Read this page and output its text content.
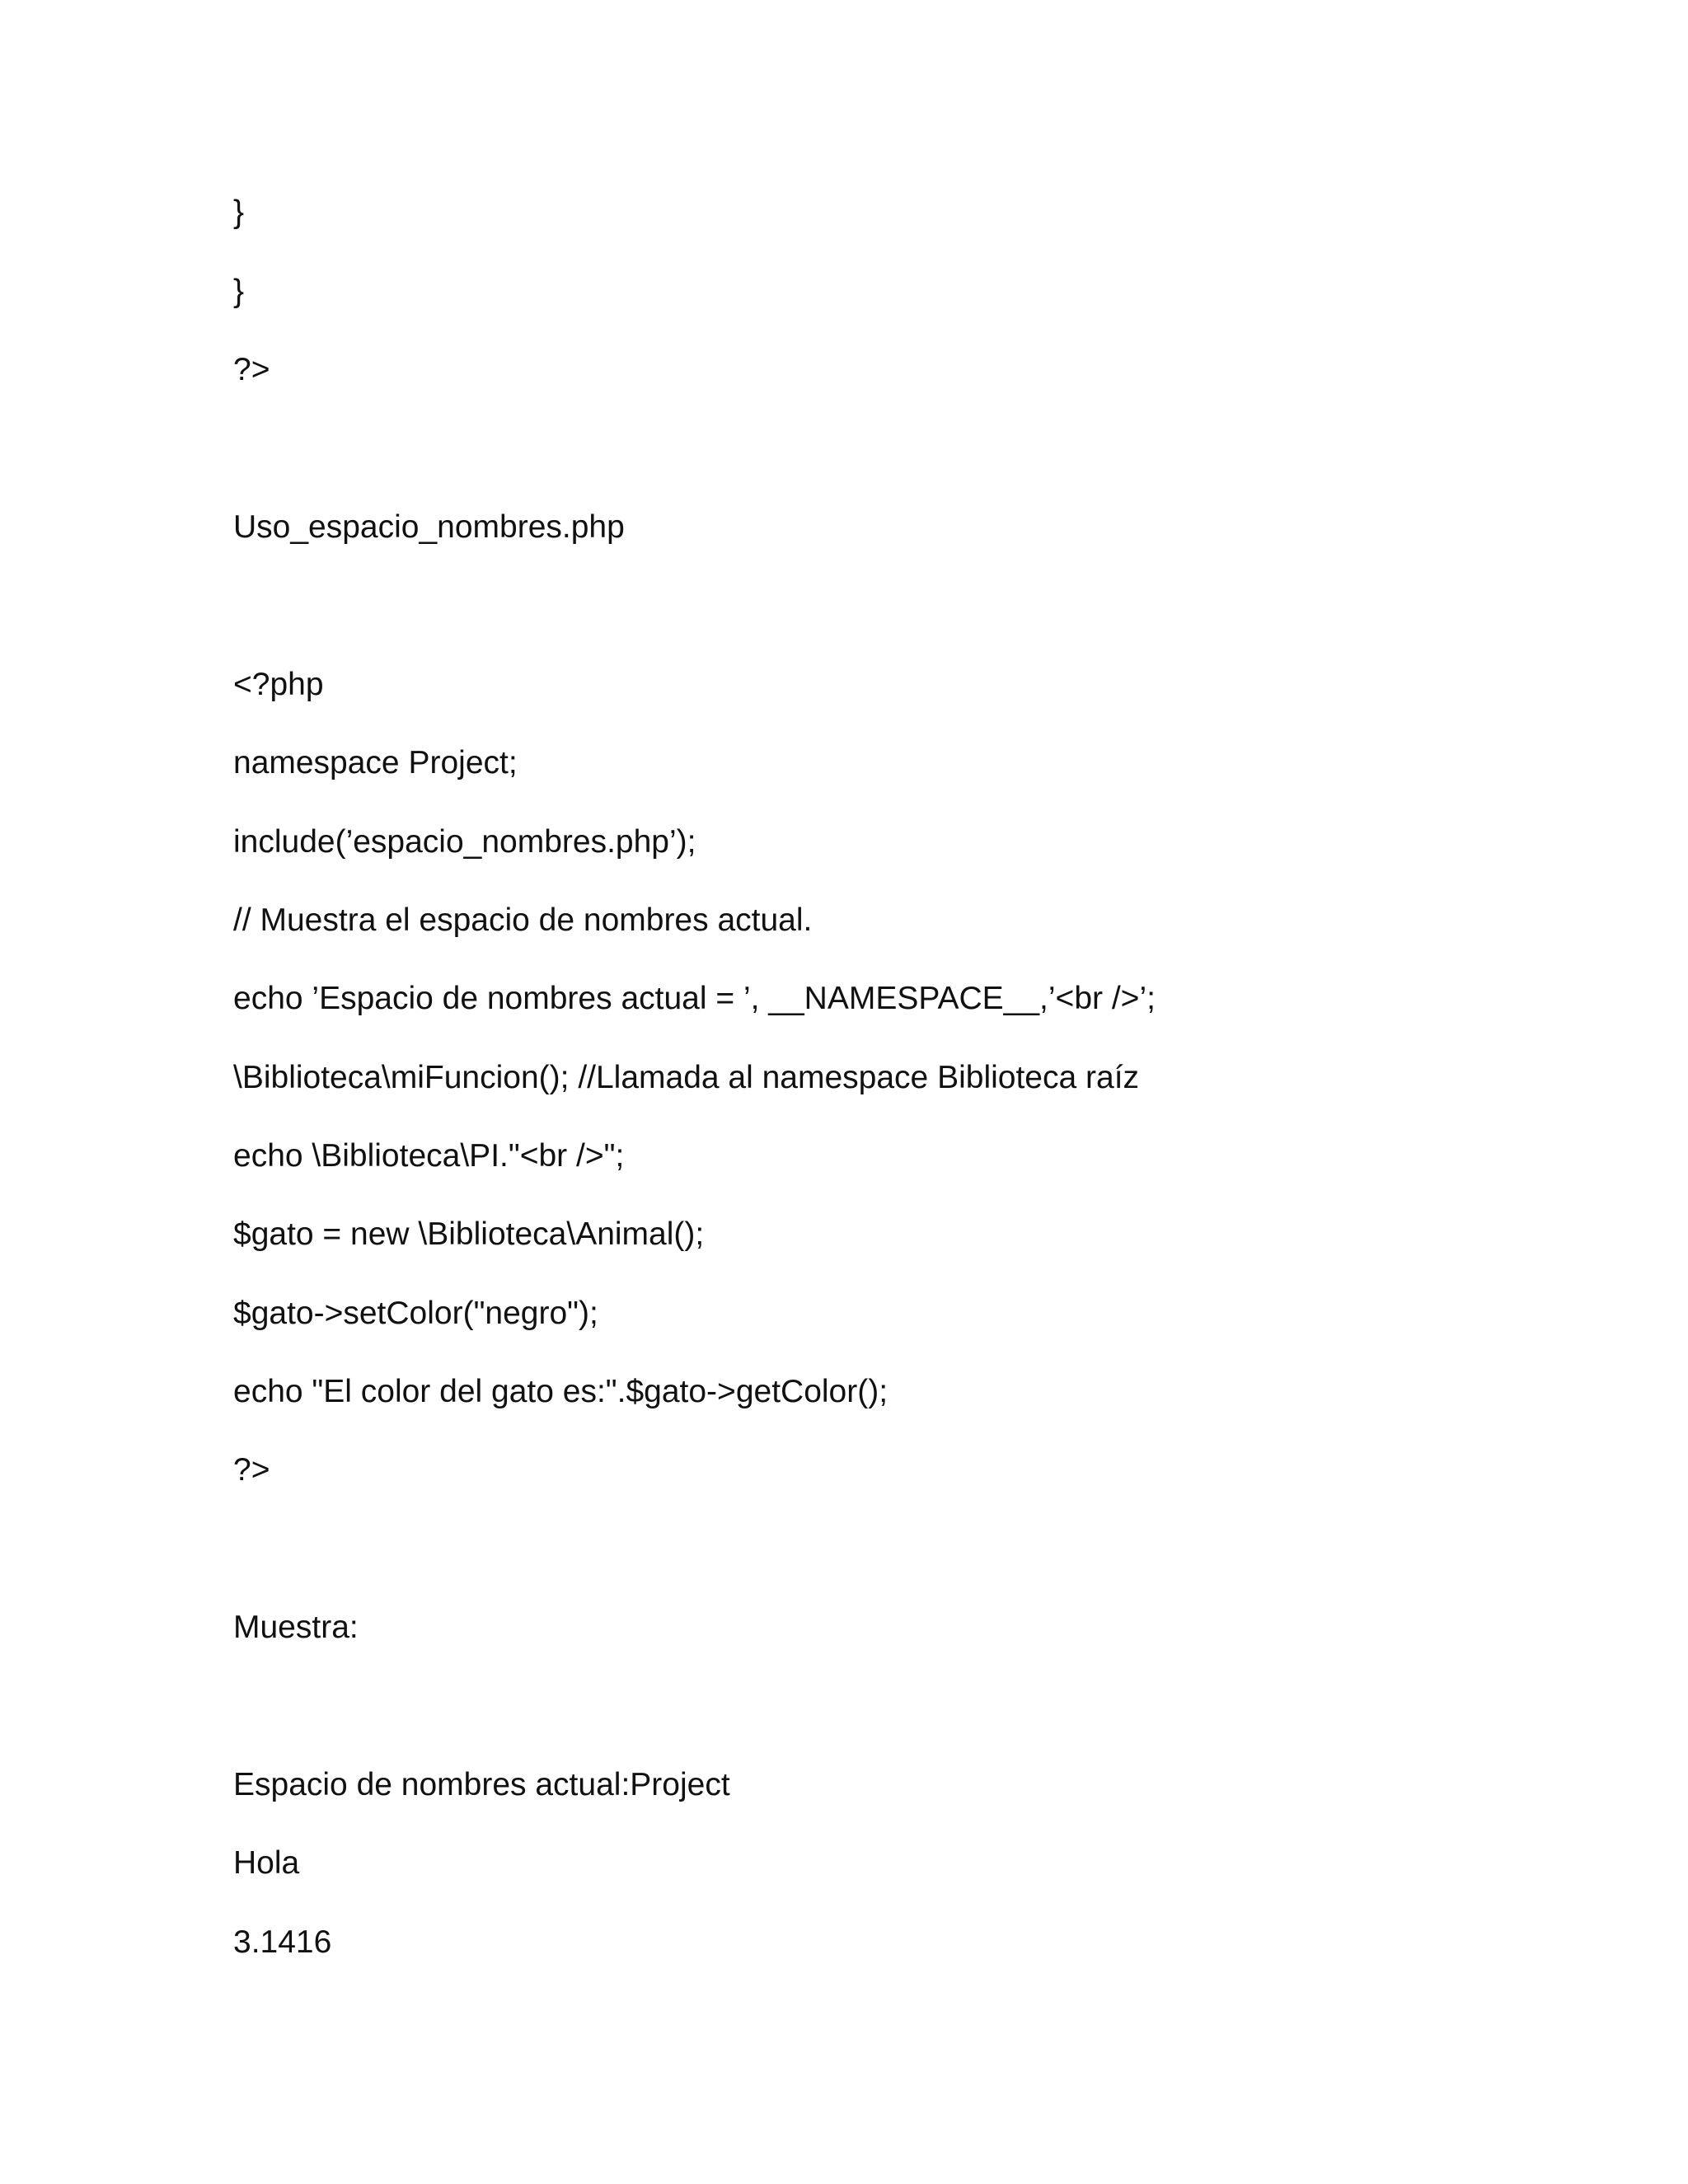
}

}

?>

Uso_espacio_nombres.php

<?php

namespace Project;

include(’espacio_nombres.php’);

// Muestra el espacio de nombres actual.

echo ’Espacio de nombres actual = ’, __NAMESPACE__,’<br />’;

\Biblioteca\miFuncion(); //Llamada al namespace Biblioteca raíz

echo \Biblioteca\PI."<br />";

$gato = new \Biblioteca\Animal();

$gato->setColor("negro");

echo "El color del gato es:".$gato->getColor();

?>

Muestra:

Espacio de nombres actual:Project

Hola

3.1416
